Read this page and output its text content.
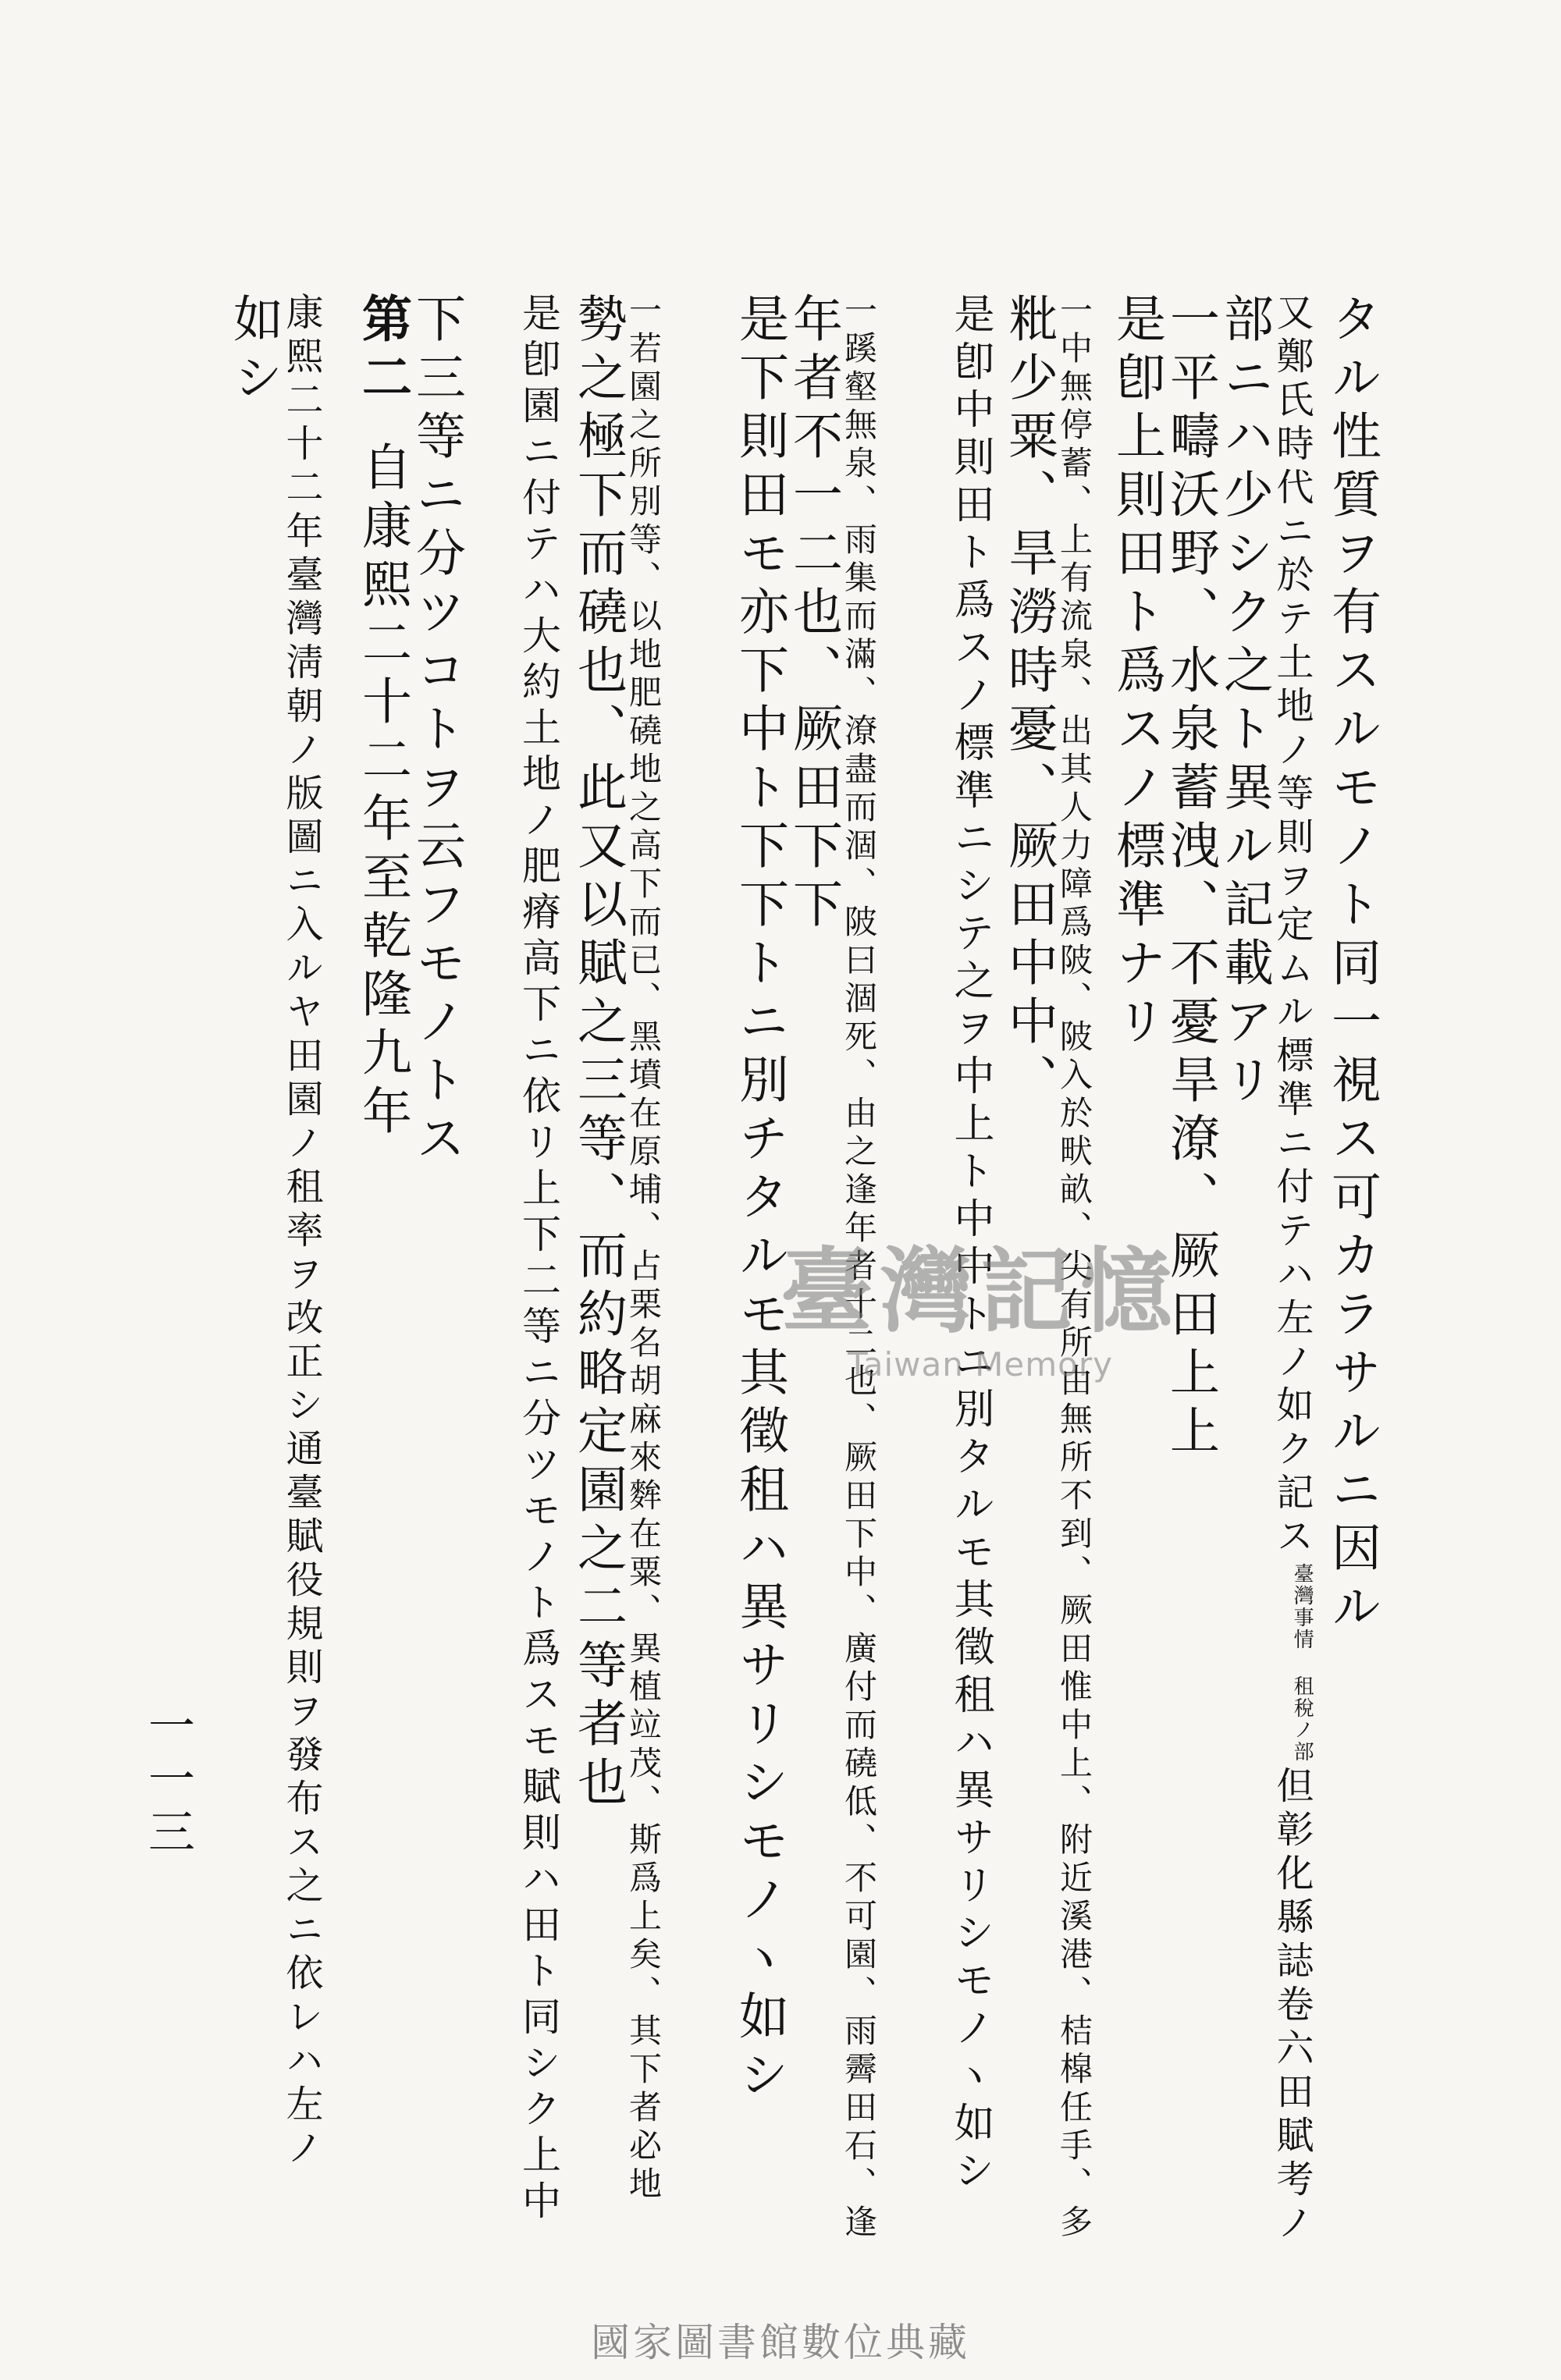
タル性質ヲ有スルモノト同一視ス可カラサルニ因ル
又鄭氏時代ニ於テ土地ノ等則ヲ定ムル標準ニ付テハ左ノ如ク記ス臺灣事情 租稅ノ部但彰化縣誌卷六田賦考ノ
部ニハ少シク之ト異ル記載アリ
一平疇沃野、水泉蓄洩、不憂旱潦、厥田上上
是卽上則田ト爲スノ標準ナリ
一中無停蓄、上有流泉、出其人力障爲陂、陂入於畎畝、尖有所由無所不到、厥田惟中上、附近溪港、桔槹任手、多
粃少粟、旱澇時憂、厥田中中、
是卽中則田ト爲スノ標準ニシテ之ヲ中上ト中中トニ別タルモ其徵租ハ異サリシモノヽ如シ
一蹊壑無泉、雨集而滿、潦盡而涸、陂曰涸死、由之逢年者十二也、厥田下中、廣付而磽低、不可園、雨霽田石、逢
年者不一二也、厥田下下
是下則田モ亦下中ト下下トニ別チタルモ其徵租ハ異サリシモノヽ如シ
一若園之所別等、以地肥磽地之高下而已、黑墳在原埔、占栗名胡麻來麰在粟、異植竝茂、斯爲上矣、其下者必地
勢之極下而磽也、此又以賦之三等、而約略定園之二等者也
是卽園ニ付テハ大約土地ノ肥瘠高下ニ依リ上下二等ニ分ツモノト爲スモ賦則ハ田ト同シク上中
下三等ニ分ツコトヲ云フモノトス
第二自康熙二十二年至乾隆九年
康熙二十二年臺灣淸朝ノ版圖ニ入ルヤ田園ノ租率ヲ改正シ通臺賦役規則ヲ發布ス之ニ依レハ左ノ
如シ
一一三
臺灣記憶
Taiwan Memory
國家圖書館數位典藏
